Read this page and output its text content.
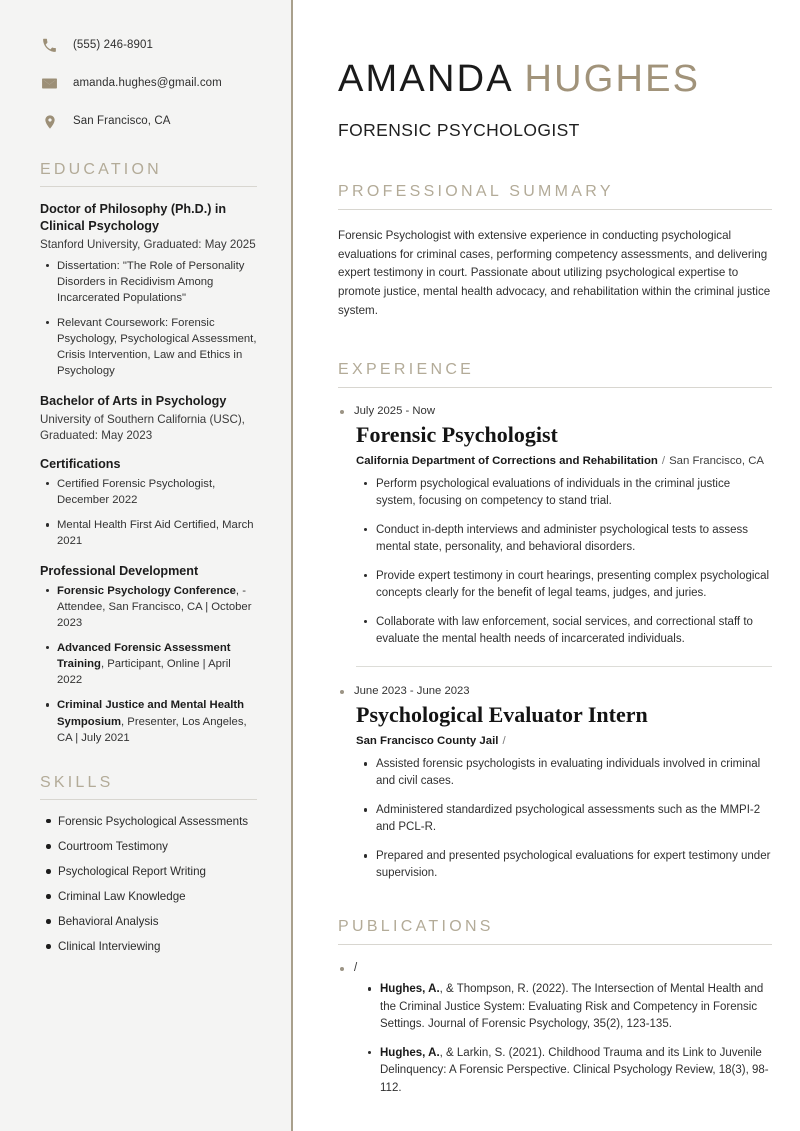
(555) 246-8901
amanda.hughes@gmail.com
San Francisco, CA
EDUCATION
Doctor of Philosophy (Ph.D.) in Clinical Psychology
Stanford University, Graduated: May 2025
Dissertation: "The Role of Personality Disorders in Recidivism Among Incarcerated Populations"
Relevant Coursework: Forensic Psychology, Psychological Assessment, Crisis Intervention, Law and Ethics in Psychology
Bachelor of Arts in Psychology
University of Southern California (USC), Graduated: May 2023
Certifications
Certified Forensic Psychologist, December 2022
Mental Health First Aid Certified, March 2021
Professional Development
Forensic Psychology Conference, - Attendee, San Francisco, CA | October 2023
Advanced Forensic Assessment Training, Participant, Online | April 2022
Criminal Justice and Mental Health Symposium, Presenter, Los Angeles, CA | July 2021
SKILLS
Forensic Psychological Assessments
Courtroom Testimony
Psychological Report Writing
Criminal Law Knowledge
Behavioral Analysis
Clinical Interviewing
AMANDA HUGHES
FORENSIC PSYCHOLOGIST
PROFESSIONAL SUMMARY

Forensic Psychologist with extensive experience in conducting psychological evaluations for criminal cases, performing competency assessments, and delivering expert testimony in court. Passionate about utilizing psychological expertise to promote justice, mental health advocacy, and rehabilitation within the criminal justice system.

EXPERIENCE
July 2025 - Now
Forensic Psychologist
California Department of Corrections and Rehabilitation / San Francisco, CA
Perform psychological evaluations of individuals in the criminal justice system, focusing on competency to stand trial.
Conduct in-depth interviews and administer psychological tests to assess mental state, personality, and behavioral disorders.
Provide expert testimony in court hearings, presenting complex psychological concepts clearly for the benefit of legal teams, judges, and juries.
Collaborate with law enforcement, social services, and correctional staff to evaluate the mental health needs of incarcerated individuals.
June 2023 - June 2023
Psychological Evaluator Intern
San Francisco County Jail /
Assisted forensic psychologists in evaluating individuals involved in criminal and civil cases.
Administered standardized psychological assessments such as the MMPI-2 and PCL-R.
Prepared and presented psychological evaluations for expert testimony under supervision.
PUBLICATIONS
/
Hughes, A., & Thompson, R. (2022). The Intersection of Mental Health and the Criminal Justice System: Evaluating Risk and Competency in Forensic Settings. Journal of Forensic Psychology, 35(2), 123-135.
Hughes, A., & Larkin, S. (2021). Childhood Trauma and its Link to Juvenile Delinquency: A Forensic Perspective. Clinical Psychology Review, 18(3), 98-112.
